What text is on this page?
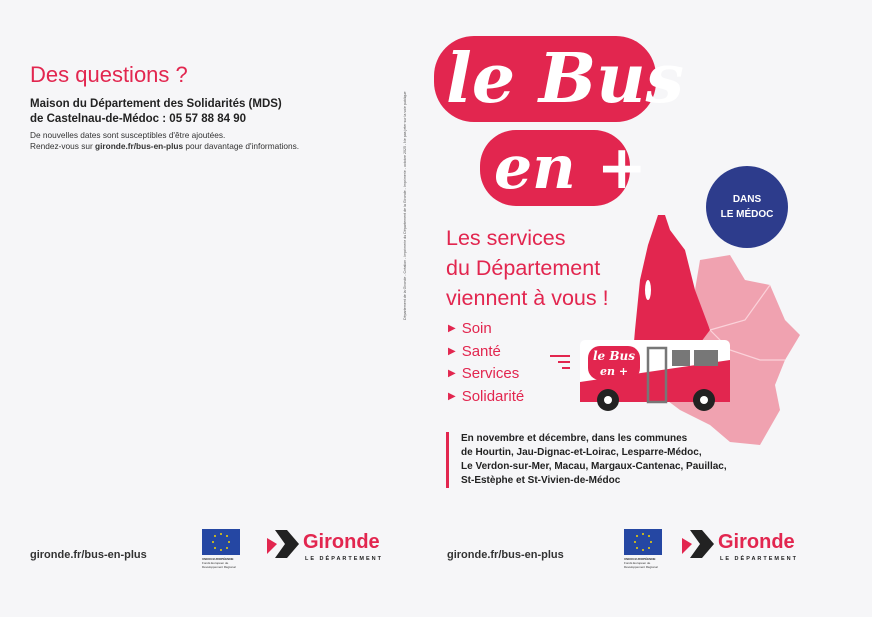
Des questions ?
Maison du Département des Solidarités (MDS)
de Castelnau-de-Médoc : 05 57 88 84 90
De nouvelles dates sont susceptibles d'être ajoutées.
Rendez-vous sur gironde.fr/bus-en-plus pour davantage d'informations.	Département de la Gironde - Création - Imprimerie du Département de la Gironde - Imprimerie - octobre 2025 - Ne pas jeter sur la voie publique
le Bus
en +	DANS
LE MÉDOC
Les services
du Département
viennent à vous !
▶ Soin
▶ Santé
▶ Services
▶ Solidarité
le Bus
en +
En novembre et décembre, dans les communes
de Hourtin, Jau-Dignac-et-Loirac, Lesparre-Médoc,
Le Verdon-sur-Mer, Macau, Margaux-Cantenac, Pauillac,
St-Estèphe et St-Vivien-de-Médoc
gironde.fr/bus-en-plus	UNION EUROPÉENNE
Fonds Européen de Développement Régional
Gironde
LE DÉPARTEMENT	gironde.fr/bus-en-plus	UNION EUROPÉENNE
Fonds Européen de Développement Régional
Gironde
LE DÉPARTEMENT
